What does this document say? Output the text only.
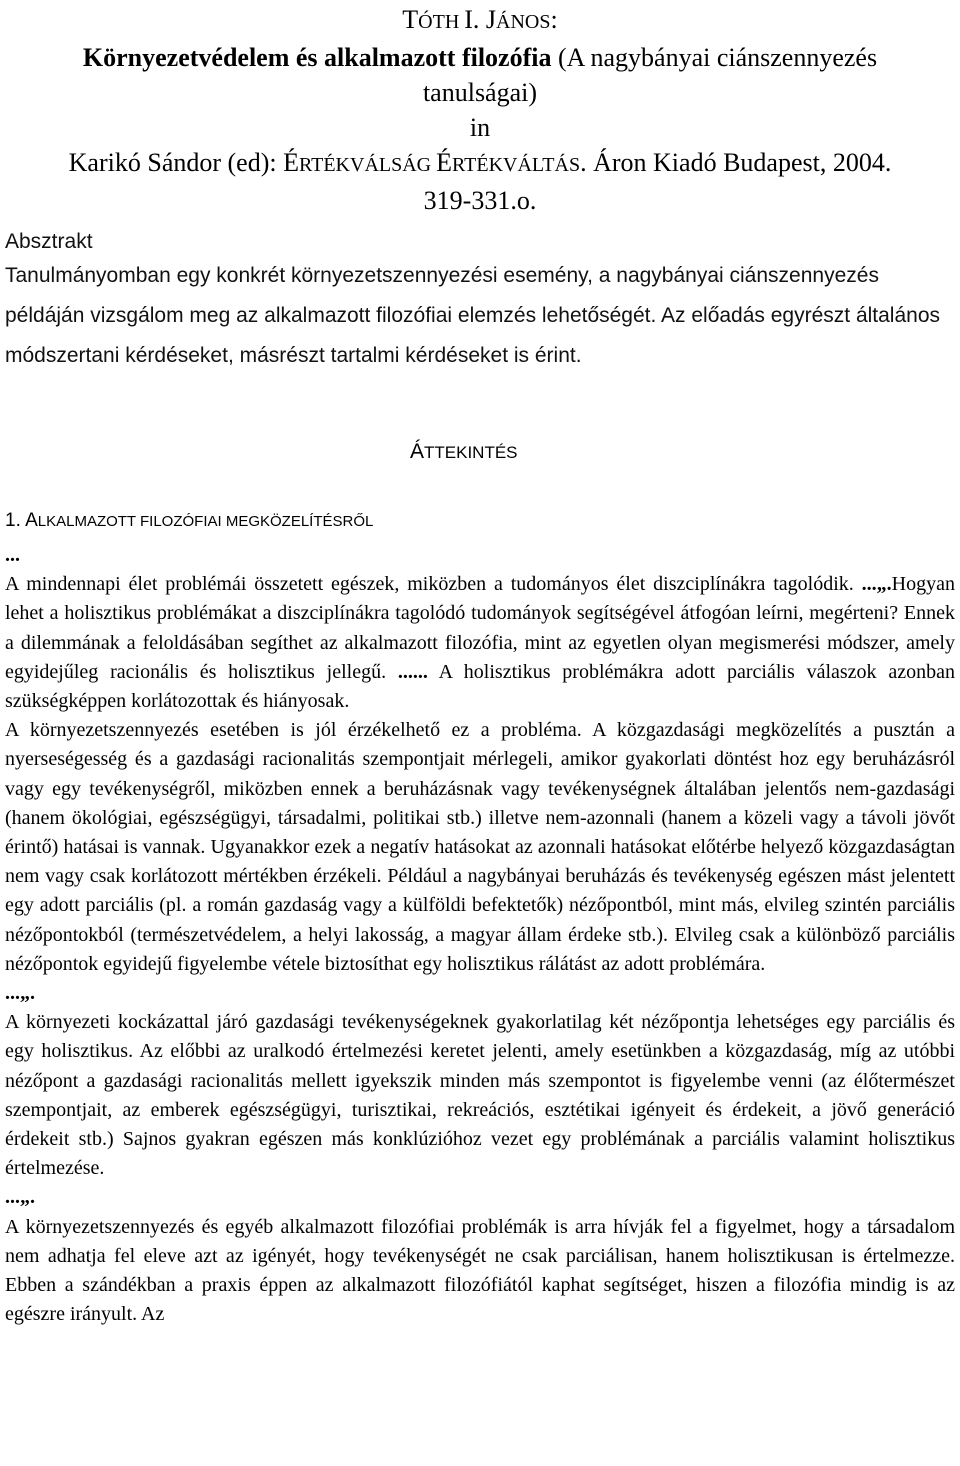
TÓTH I. JÁNOS:
Környezetvédelem és alkalmazott filozófia (A nagybányai ciánszennyezés
tanulságai)
in
Karikó Sándor (ed): ÉRTÉKVÁLSÁG ÉRTÉKVÁLTÁS. Áron Kiadó Budapest, 2004.
319-331.o.
Absztrakt
Tanulmányomban egy konkrét környezetszennyezési esemény, a nagybányai ciánszennyezés példáján vizsgálom meg az alkalmazott filozófiai elemzés lehetőségét. Az előadás egyrészt általános módszertani kérdéseket, másrészt tartalmi kérdéseket is érint.
ÁTTEKINTÉS
1. ALKALMAZOTT FILOZÓFIAI MEGKÖZELÍTÉSRŐL

...

A mindennapi élet problémái összetett egészek, miközben a tudományos élet diszciplínákra tagolódik. ...„.Hogyan lehet a holisztikus problémákat a diszciplínákra tagolódó tudományok segítségével átfogóan leírni, megérteni? Ennek a dilemmának a feloldásában segíthet az alkalmazott filozófia, mint az egyetlen olyan megismerési módszer, amely egyidejűleg racionális és holisztikus jellegű. ...... A holisztikus problémákra adott parciális válaszok azonban szükségképpen korlátozottak és hiányosak.

A környezetszennyezés esetében is jól érzékelhető ez a probléma. A közgazdasági megközelítés a pusztán a nyerseségesség és a gazdasági racionalitás szempontjait mérlegeli, amikor gyakorlati döntést hoz egy beruházásról vagy egy tevékenységről, miközben ennek a beruházásnak vagy tevékenységnek általában jelentős nem-gazdasági (hanem ökológiai, egészségügyi, társadalmi, politikai stb.) illetve nem-azonnali (hanem a közeli vagy a távoli jövőt érintő) hatásai is vannak. Ugyanakkor ezek a negatív hatásokat az azonnali hatásokat előtérbe helyező közgazdaságtan nem vagy csak korlátozott mértékben érzékeli. Például a nagybányai beruházás és tevékenység egészen mást jelentett egy adott parciális (pl. a román gazdaság vagy a külföldi befektetők) nézőpontból, mint más, elvileg szintén parciális nézőpontokból (természetvédelem, a helyi lakosság, a magyar állam érdeke stb.). Elvileg csak a különböző parciális nézőpontok egyidejű figyelembe vétele biztosíthat egy holisztikus rálátást az adott problémára.

...„.

A környezeti kockázattal járó gazdasági tevékenységeknek gyakorlatilag két nézőpontja lehetséges egy parciális és egy holisztikus. Az előbbi az uralkodó értelmezési keretet jelenti, amely esetünkben a közgazdaság, míg az utóbbi nézőpont a gazdasági racionalitás mellett igyekszik minden más szempontot is figyelembe venni (az élőtermészet szempontjait, az emberek egészségügyi, turisztikai, rekreációs, esztétikai igényeit és érdekeit, a jövő generáció érdekeit stb.) Sajnos gyakran egészen más konklúzióhoz vezet egy problémának a parciális valamint holisztikus értelmezése.

...„.

A környezetszennyezés és egyéb alkalmazott filozófiai problémák is arra hívják fel a figyelmet, hogy a társadalom nem adhatja fel eleve azt az igényét, hogy tevékenységét ne csak parciálisan, hanem holisztikusan is értelmezze. Ebben a szándékban a praxis éppen az alkalmazott filozófiától kaphat segítséget, hiszen a filozófia mindig is az egészre irányult. Az
